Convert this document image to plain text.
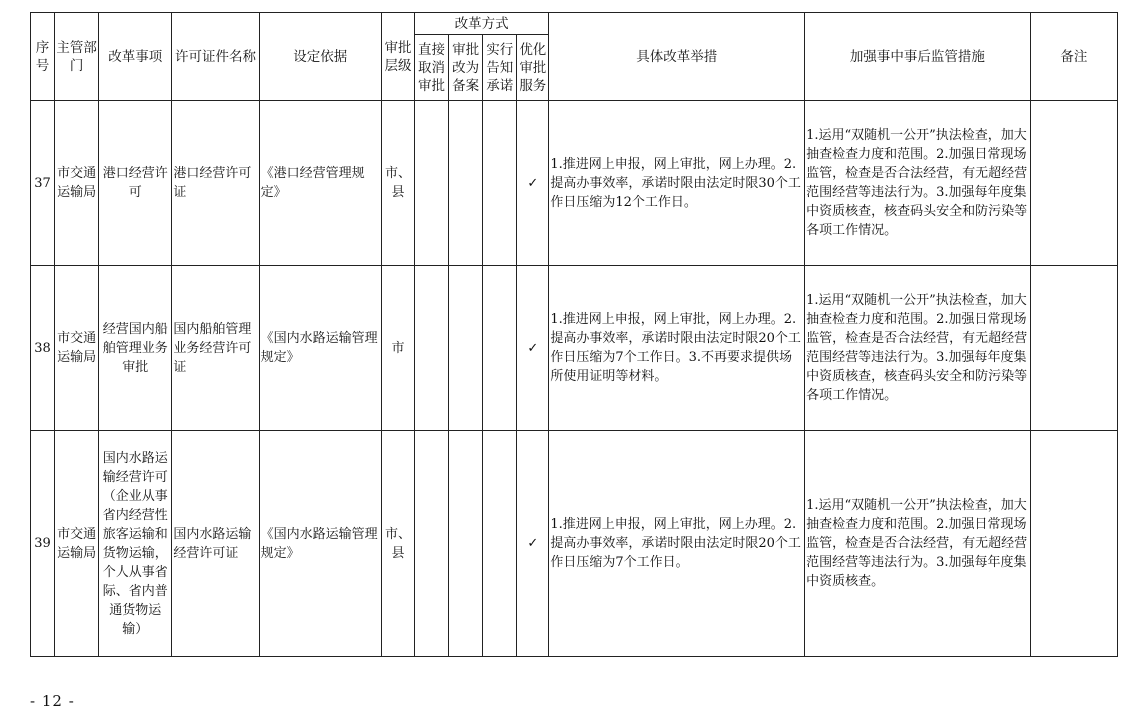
序号	主管部门	改革事项	许可证件名称	设定依据	审批层级	改革方式				具体改革举措	加强事中事后监管措施	备注
						直接取消审批	审批改为备案	实行告知承诺	优化审批服务			
37	市交通运输局	港口经营许可	港口经营许可证	《港口经营管理规定》	市、县				✓	1.推进网上申报，网上审批，网上办理。2.提高办事效率，承诺时限由法定时限30个工作日压缩为12个工作日。	1.运用“双随机一公开”执法检查，加大抽查检查力度和范围。2.加强日常现场监管，检查是否合法经营，有无超经营范围经营等违法行为。3.加强每年度集中资质核查，核查码头安全和防污染等各项工作情况。	
38	市交通运输局	经营国内船舶管理业务审批	国内船舶管理业务经营许可证	《国内水路运输管理规定》	市				✓	1.推进网上申报，网上审批，网上办理。2.提高办事效率，承诺时限由法定时限20个工作日压缩为7个工作日。3.不再要求提供场所使用证明等材料。	1.运用“双随机一公开”执法检查，加大抽查检查力度和范围。2.加强日常现场监管，检查是否合法经营，有无超经营范围经营等违法行为。3.加强每年度集中资质核查，核查码头安全和防污染等各项工作情况。	
39	市交通运输局	国内水路运输经营许可（企业从事省内经营性旅客运输和货物运输，个人从事省际、省内普通货物运输）	国内水路运输经营许可证	《国内水路运输管理规定》	市、县				✓	1.推进网上申报，网上审批，网上办理。2.提高办事效率，承诺时限由法定时限20个工作日压缩为7个工作日。	1.运用“双随机一公开”执法检查，加大抽查检查力度和范围。2.加强日常现场监管，检查是否合法经营，有无超经营范围经营等违法行为。3.加强每年度集中资质核查。	
- 12 -
